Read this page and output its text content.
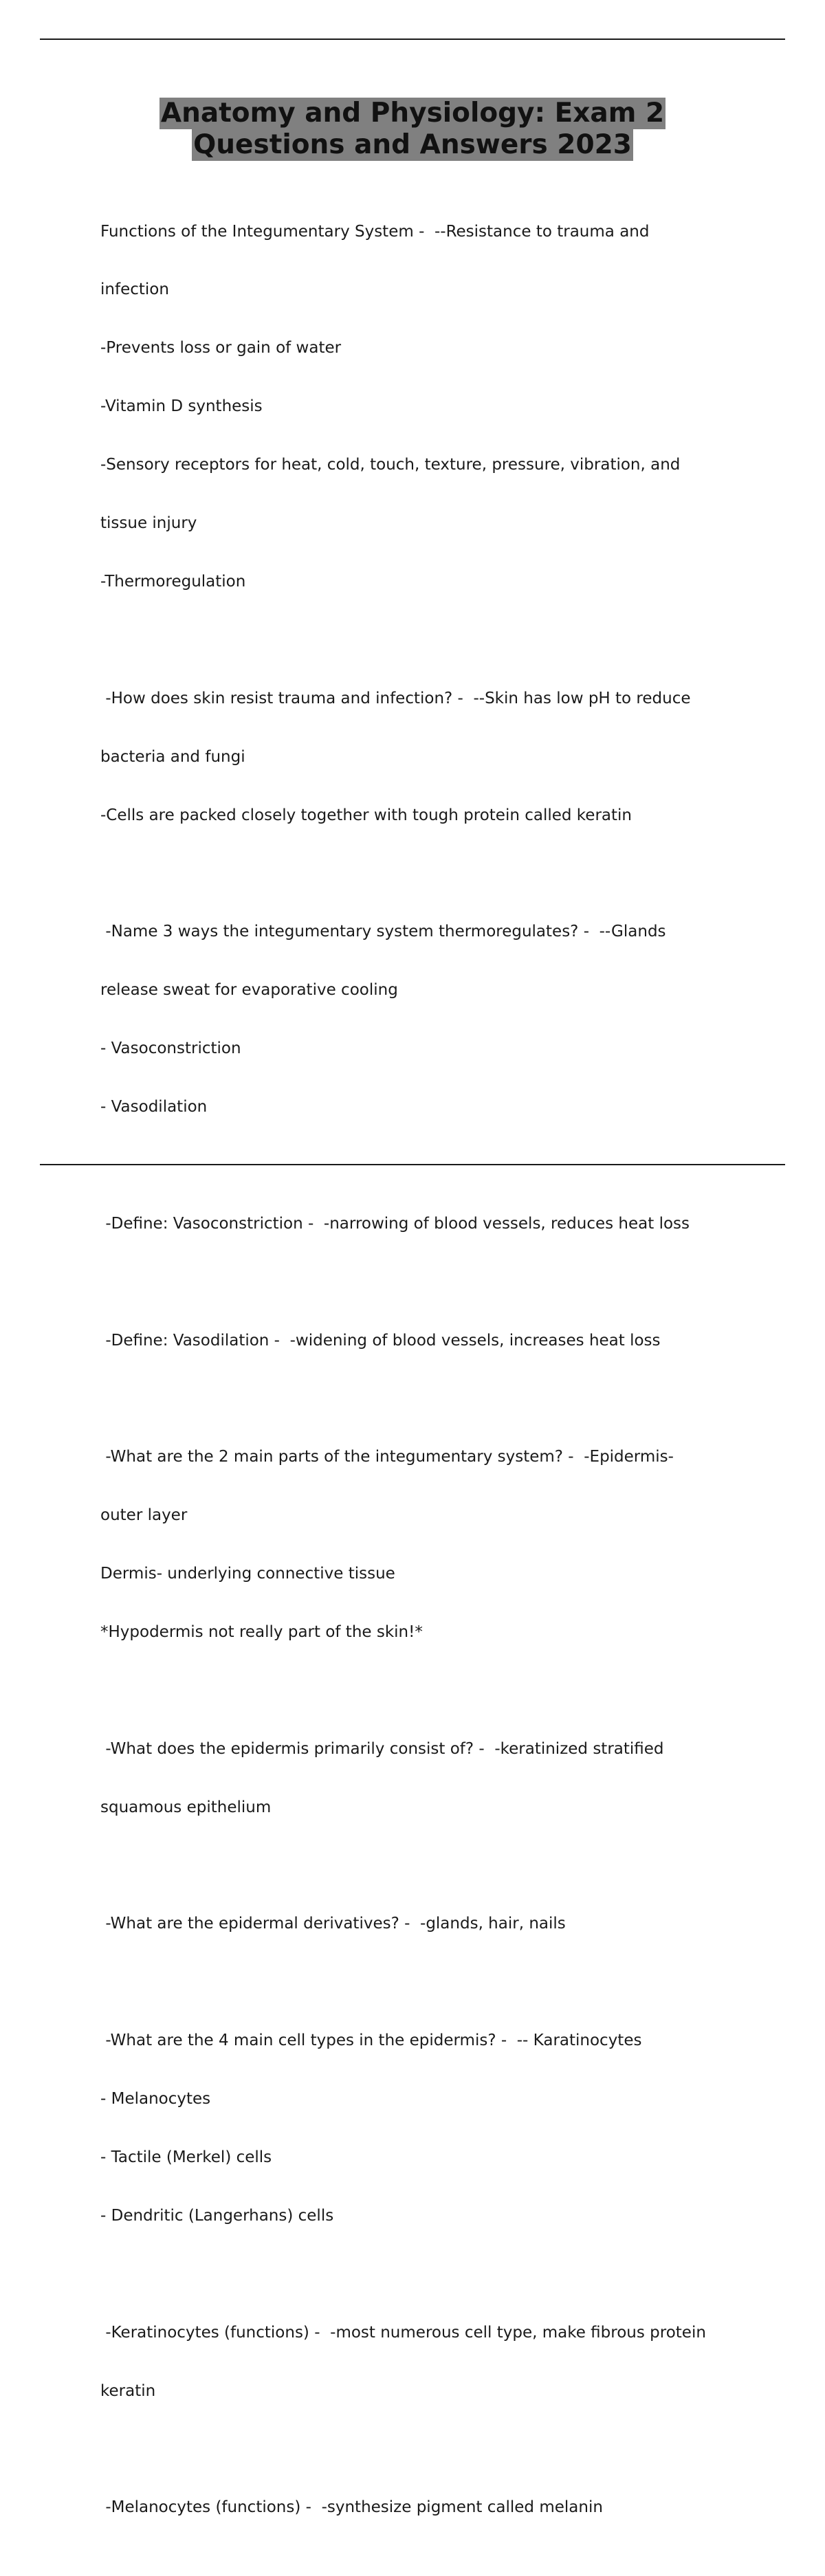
Anatomy and Physiology: Exam 2
Questions and Answers 2023

Functions of the Integumentary System -  --Resistance to trauma and

infection

-Prevents loss or gain of water

-Vitamin D synthesis

-Sensory receptors for heat, cold, touch, texture, pressure, vibration, and

tissue injury

-Thermoregulation

-How does skin resist trauma and infection? -  --Skin has low pH to reduce

bacteria and fungi

-Cells are packed closely together with tough protein called keratin

-Name 3 ways the integumentary system thermoregulates? -  --Glands

release sweat for evaporative cooling

- Vasoconstriction

- Vasodilation

-Define: Vasoconstriction -  -narrowing of blood vessels, reduces heat loss

-Define: Vasodilation -  -widening of blood vessels, increases heat loss

-What are the 2 main parts of the integumentary system? -  -Epidermis-

outer layer

Dermis- underlying connective tissue

*Hypodermis not really part of the skin!*

-What does the epidermis primarily consist of? -  -keratinized stratified

squamous epithelium

-What are the epidermal derivatives? -  -glands, hair, nails

-What are the 4 main cell types in the epidermis? -  -- Karatinocytes

- Melanocytes

- Tactile (Merkel) cells

- Dendritic (Langerhans) cells

-Keratinocytes (functions) -  -most numerous cell type, make fibrous protein

keratin

-Melanocytes (functions) -  -synthesize pigment called melanin
